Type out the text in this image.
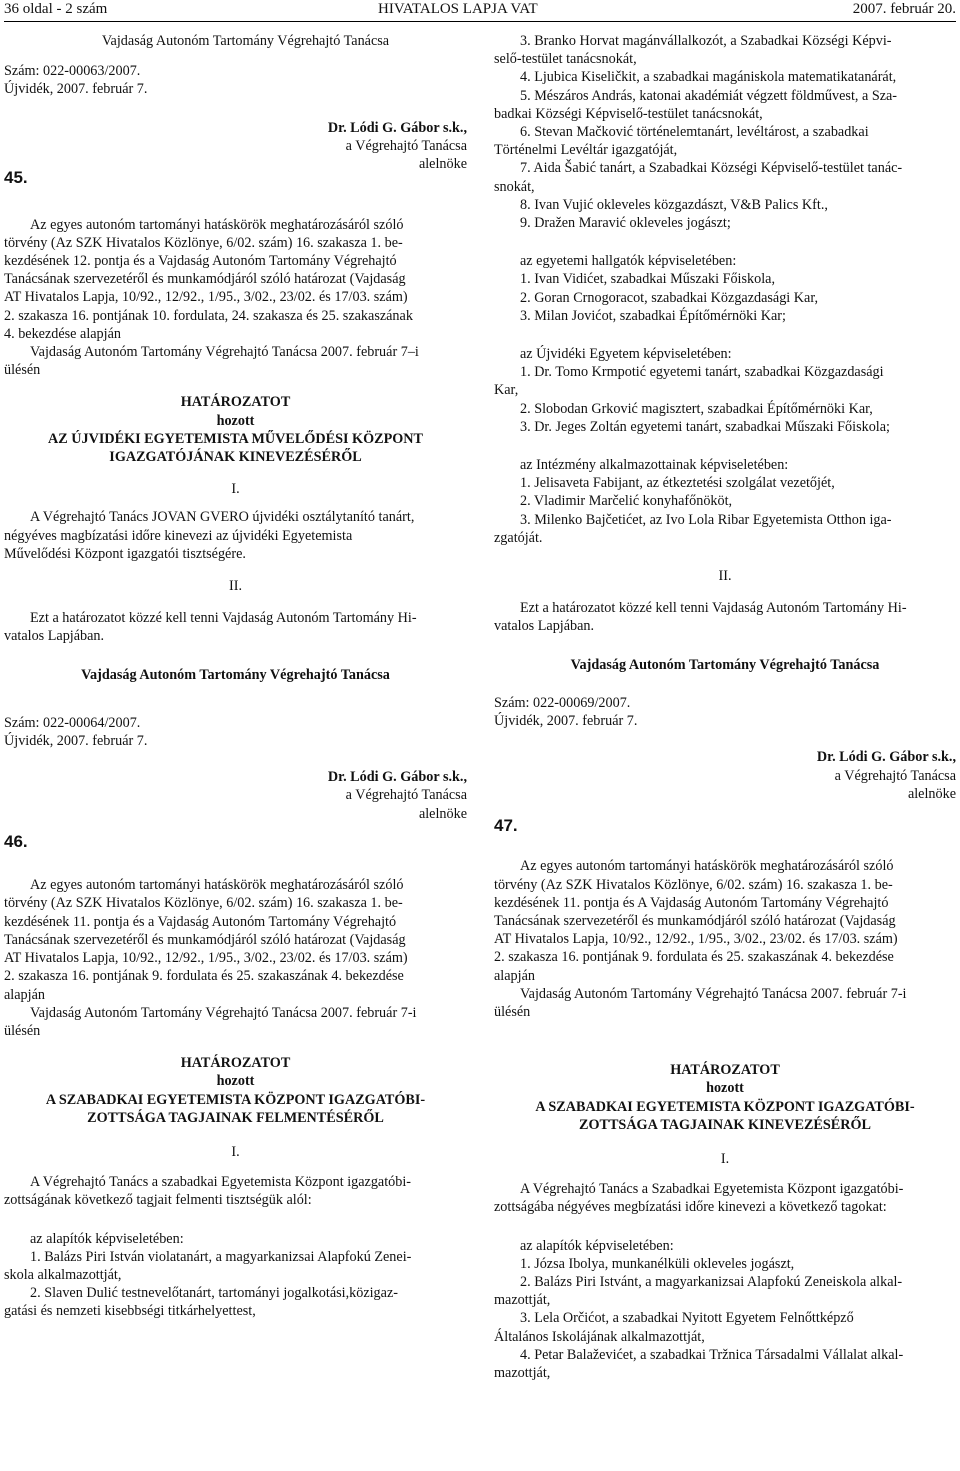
36 oldal - 2 szám	HIVATALOS LAPJA VAT	2007. február 20.

Vajdaság Autonóm Tartomány Végrehajtó Tanácsa

Szám: 022-00063/2007.

Újvidék, 2007. február 7.

Dr. Lódi G. Gábor s.k.,

a Végrehajtó Tanácsa

alelnöke

45.

Az egyes autonóm tartományi hatáskörök meghatározásáról szóló

törvény (Az SZK Hivatalos Közlönye, 6/02. szám) 16. szakasza 1. be-

kezdésének 12. pontja és a Vajdaság Autonóm Tartomány Végrehajtó

Tanácsának szervezetéről és munkamódjáról szóló határozat (Vajdaság

AT Hivatalos Lapja, 10/92., 12/92., 1/95., 3/02., 23/02. és 17/03. szám)

2. szakasza 16. pontjának 10. fordulata, 24. szakasza és 25. szakaszának

4. bekezdése alapján

Vajdaság Autonóm Tartomány Végrehajtó Tanácsa 2007. február 7–i

ülésén

HATÁROZATOT

hozott

AZ ÚJVIDÉKI EGYETEMISTA MŰVELŐDÉSI KÖZPONT

IGAZGATÓJÁNAK KINEVEZÉSÉRŐL

I.

A Végrehajtó Tanács JOVAN GVERO újvidéki osztálytanító tanárt,

négyéves magbízatási időre kinevezi az újvidéki Egyetemista

Művelődési Központ igazgatói tisztségére.

II.

Ezt a határozatot közzé kell tenni Vajdaság Autonóm Tartomány Hi-

vatalos Lapjában.

Vajdaság Autonóm Tartomány Végrehajtó Tanácsa

Szám: 022-00064/2007.

Újvidék, 2007. február 7.

Dr. Lódi G. Gábor s.k.,

a Végrehajtó Tanácsa

alelnöke

46.

Az egyes autonóm tartományi hatáskörök meghatározásáról szóló

törvény (Az SZK Hivatalos Közlönye, 6/02. szám) 16. szakasza 1. be-

kezdésének 11. pontja és a Vajdaság Autonóm Tartomány Végrehajtó

Tanácsának szervezetéről és munkamódjáról szóló határozat (Vajdaság

AT Hivatalos Lapja, 10/92., 12/92., 1/95., 3/02., 23/02. és 17/03. szám)

2. szakasza 16. pontjának 9. fordulata és 25. szakaszának 4. bekezdése

alapján

Vajdaság Autonóm Tartomány Végrehajtó Tanácsa 2007. február 7-i

ülésén

HATÁROZATOT

hozott

A SZABADKAI EGYETEMISTA KÖZPONT IGAZGATÓBI-

ZOTTSÁGA TAGJAINAK FELMENTÉSÉRŐL

I.

A Végrehajtó Tanács a szabadkai Egyetemista Központ igazgatóbi-

zottságának következő tagjait felmenti tisztségük alól:

az alapítók képviseletében:

1. Balázs Piri István violatanárt, a magyarkanizsai Alapfokú Zenei-

skola alkalmazottját,

2. Slaven Dulić testnevelőtanárt, tartományi jogalkotási,közigaz-

gatási és nemzeti kisebbségi titkárhelyettest,

3. Branko Horvat magánvállalkozót, a Szabadkai Községi Képvi-

selő-testület tanácsnokát,

4. Ljubica Kiseličkit, a szabadkai magániskola matematikatanárát,

5. Mészáros András, katonai akadémiát végzett földművest, a Sza-

badkai Községi Képviselő-testület tanácsnokát,

6. Stevan Mačković történelemtanárt, levéltárost, a szabadkai

Történelmi Levéltár igazgatóját,

7. Aida Šabić tanárt, a Szabadkai Községi Képviselő-testület tanác-

snokát,

8. Ivan Vujić okleveles közgazdászt, V&B Palics Kft.,

9. Dražen Maravić okleveles jogászt;

az egyetemi hallgatók képviseletében:

1. Ivan Vidićet, szabadkai Műszaki Főiskola,

2. Goran Crnogoracot, szabadkai Közgazdasági Kar,

3. Milan Jovićot, szabadkai Építőmérnöki Kar;

az Újvidéki Egyetem képviseletében:

1. Dr. Tomo Krmpotić egyetemi tanárt, szabadkai Közgazdasági

Kar,

2. Slobodan Grković magisztert, szabadkai Építőmérnöki Kar,

3. Dr. Jeges Zoltán egyetemi tanárt, szabadkai Műszaki Főiskola;

az Intézmény alkalmazottainak képviseletében:

1. Jelisaveta Fabijant, az étkeztetési szolgálat vezetőjét,

2. Vladimir Marčelić konyhafőnököt,

3. Milenko Bajčetićet, az Ivo Lola Ribar Egyetemista Otthon iga-

zgatóját.

II.

Ezt a határozatot közzé kell tenni Vajdaság Autonóm Tartomány Hi-

vatalos Lapjában.

Vajdaság Autonóm Tartomány Végrehajtó Tanácsa

Szám: 022-00069/2007.

Újvidék, 2007. február 7.

Dr. Lódi G. Gábor s.k.,

a Végrehajtó Tanácsa

alelnöke

47.

Az egyes autonóm tartományi hatáskörök meghatározásáról szóló

törvény (Az SZK Hivatalos Közlönye, 6/02. szám) 16. szakasza 1. be-

kezdésének 11. pontja és A Vajdaság Autonóm Tartomány Végrehajtó

Tanácsának szervezetéről és munkamódjáról szóló határozat (Vajdaság

AT Hivatalos Lapja, 10/92., 12/92., 1/95., 3/02., 23/02. és 17/03. szám)

2. szakasza 16. pontjának 9. fordulata és 25. szakaszának 4. bekezdése

alapján

Vajdaság Autonóm Tartomány Végrehajtó Tanácsa 2007. február 7-i

ülésén

HATÁROZATOT

hozott

A SZABADKAI EGYETEMISTA KÖZPONT IGAZGATÓBI-

ZOTTSÁGA TAGJAINAK KINEVEZÉSÉRŐL

I.

A Végrehajtó Tanács a Szabadkai Egyetemista Központ igazgatóbi-

zottságába négyéves megbízatási időre kinevezi a következő tagokat:

az alapítók képviseletében:

1. Józsa Ibolya, munkanélküli okleveles jogászt,

2. Balázs Piri Istvánt, a magyarkanizsai Alapfokú Zeneiskola alkal-

mazottját,

3. Lela Orčićot, a szabadkai Nyitott Egyetem Felnőttképző

Általános Iskolájának alkalmazottját,

4. Petar Balaževićet, a szabadkai Tržnica Társadalmi Vállalat alkal-

mazottját,
